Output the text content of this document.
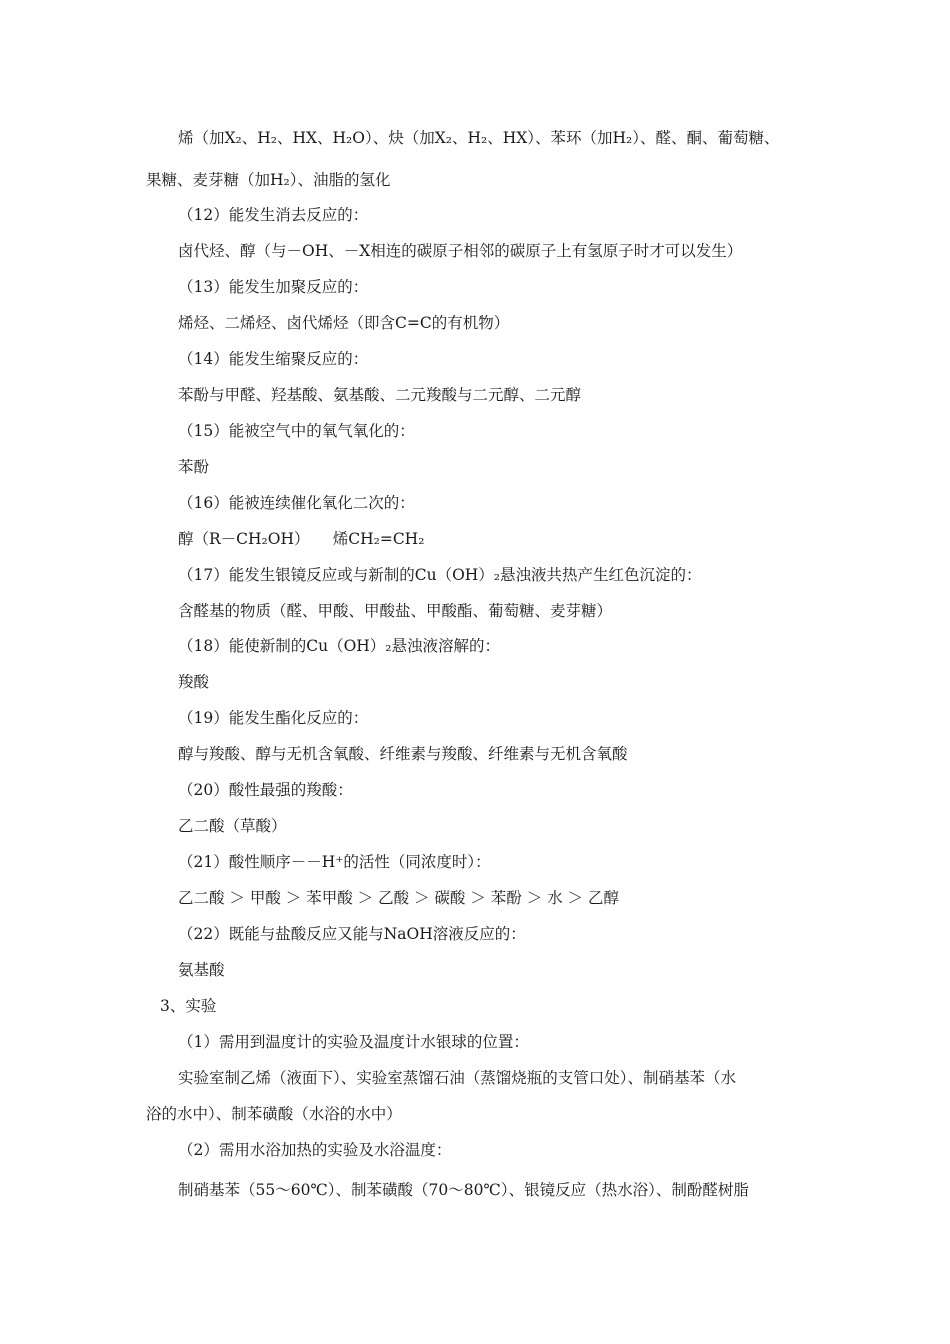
烯（加X₂、H₂、HX、H₂O）、炔（加X₂、H₂、HX）、苯环（加H₂）、醛、酮、葡萄糖、
果糖、麦芽糖（加H₂）、油脂的氢化
（12）能发生消去反应的：
卤代烃、醇（与－OH、－X相连的碳原子相邻的碳原子上有氢原子时才可以发生）
（13）能发生加聚反应的：
烯烃、二烯烃、卤代烯烃（即含C=C的有机物）
（14）能发生缩聚反应的：
苯酚与甲醛、羟基酸、氨基酸、二元羧酸与二元醇、二元醇
（15）能被空气中的氧气氧化的：
苯酚
（16）能被连续催化氧化二次的：
醇（R－CH₂OH）　　烯CH₂=CH₂
（17）能发生银镜反应或与新制的Cu（OH）₂悬浊液共热产生红色沉淀的：
含醛基的物质（醛、甲酸、甲酸盐、甲酸酯、葡萄糖、麦芽糖）
（18）能使新制的Cu（OH）₂悬浊液溶解的：
羧酸
（19）能发生酯化反应的：
醇与羧酸、醇与无机含氧酸、纤维素与羧酸、纤维素与无机含氧酸
（20）酸性最强的羧酸：
乙二酸（草酸）
（21）酸性顺序－－H⁺的活性（同浓度时）：
乙二酸 ＞ 甲酸 ＞ 苯甲酸 ＞ 乙酸 ＞ 碳酸 ＞ 苯酚 ＞ 水 ＞ 乙醇
（22）既能与盐酸反应又能与NaOH溶液反应的：
氨基酸
3、实验
（1）需用到温度计的实验及温度计水银球的位置：
实验室制乙烯（液面下）、实验室蒸馏石油（蒸馏烧瓶的支管口处）、制硝基苯（水
浴的水中）、制苯磺酸（水浴的水中）
（2）需用水浴加热的实验及水浴温度：
制硝基苯（55～60℃）、制苯磺酸（70～80℃）、银镜反应（热水浴）、制酚醛树脂
